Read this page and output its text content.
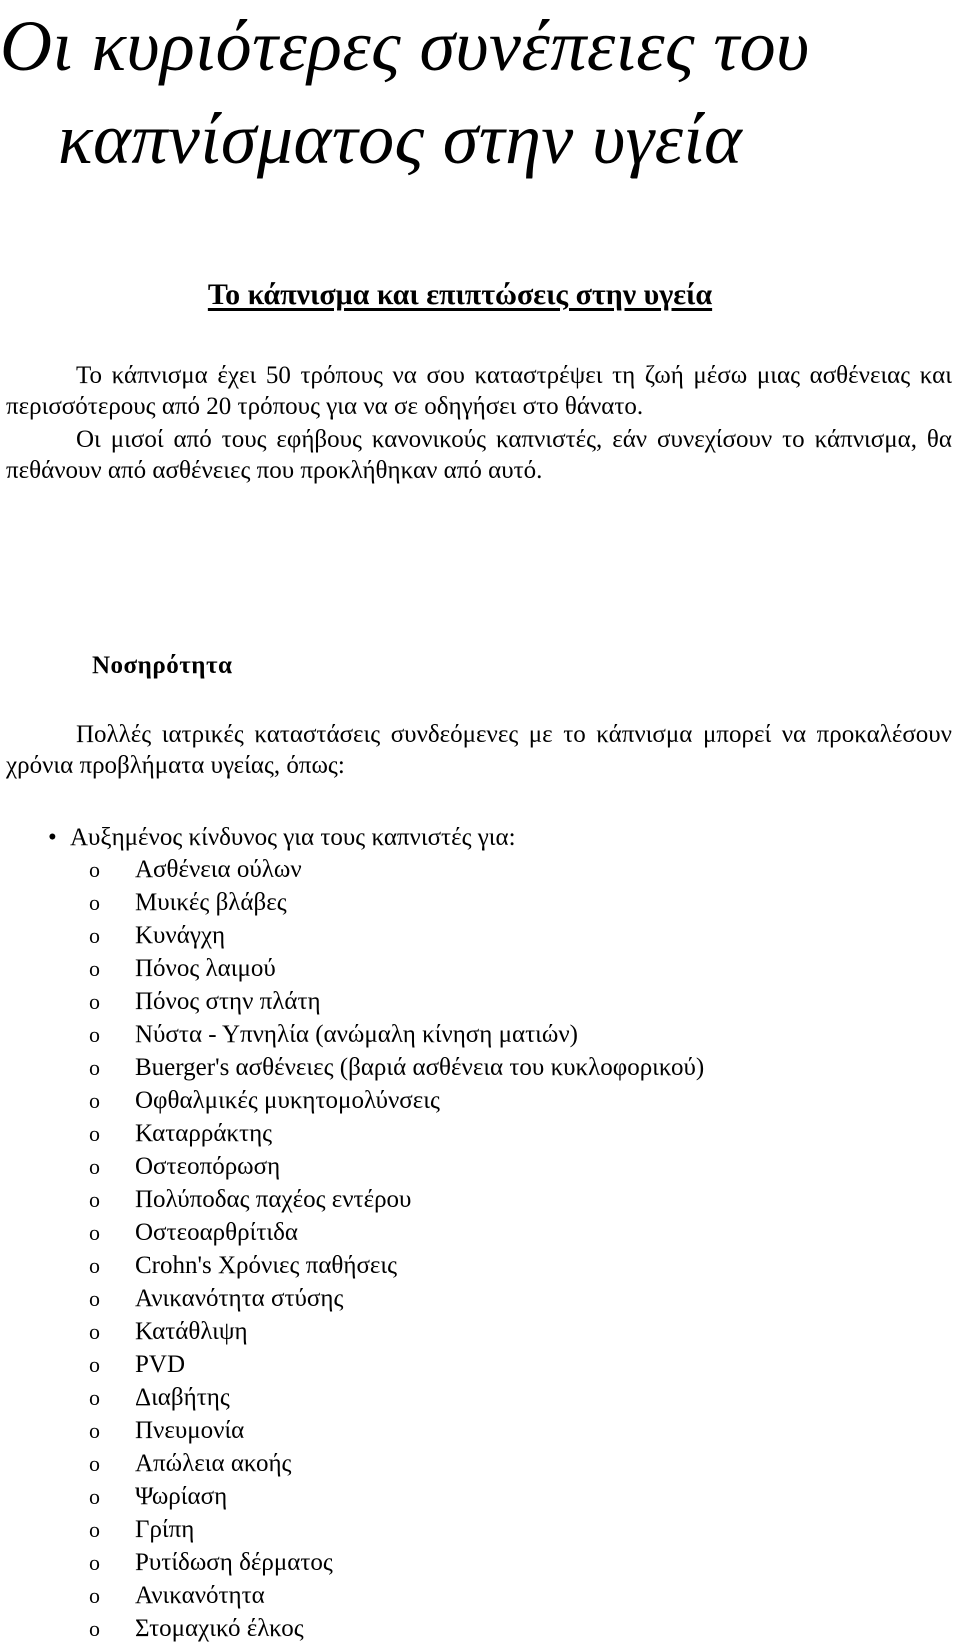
Οι κυριότερες συνέπειες του
καπνίσματος στην υγεία
Το κάπνισμα και επιπτώσεις στην υγεία

Το κάπνισμα έχει 50 τρόπους να σου καταστρέψει τη ζωή μέσω μιας ασθένειας και περισσότερους από 20 τρόπους για να σε οδηγήσει στο θάνατο.

Οι μισοί από τους εφήβους κανονικούς καπνιστές, εάν συνεχίσουν το κάπνισμα, θα πεθάνουν από ασθένειες που προκλήθηκαν από αυτό.

Νοσηρότητα

Πολλές ιατρικές καταστάσεις συνδεόμενες με το κάπνισμα μπορεί να προκαλέσουν χρόνια προβλήματα υγείας, όπως:

• Αυξημένος κίνδυνος για τους καπνιστές για:

o Ασθένεια ούλων
o Μυικές βλάβες
o Κυνάγχη
o Πόνος λαιμού
o Πόνος στην πλάτη
o Νύστα - Υπνηλία (ανώμαλη κίνηση ματιών)
o Buerger's ασθένειες (βαριά ασθένεια του κυκλοφορικού)
o Οφθαλμικές μυκητομολύνσεις
o Καταρράκτης
o Οστεοπόρωση
o Πολύποδας παχέος εντέρου
o Οστεοαρθρίτιδα
o Crohn's Χρόνιες παθήσεις
o Ανικανότητα στύσης
o Κατάθλιψη
o PVD
o Διαβήτης
o Πνευμονία
o Απώλεια ακοής
o Ψωρίαση
o Γρίπη
o Ρυτίδωση δέρματος
o Ανικανότητα
o Στομαχικό έλκος
